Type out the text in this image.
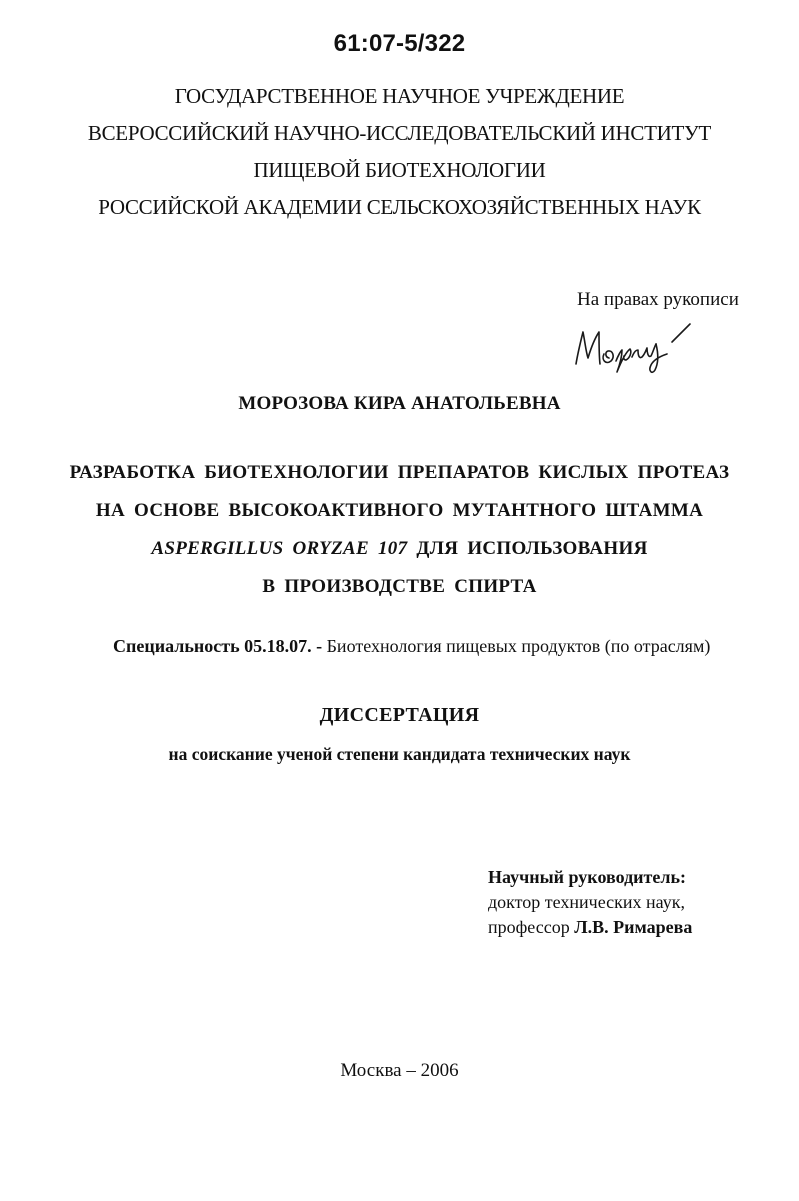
61:07-5/322
ГОСУДАРСТВЕННОЕ НАУЧНОЕ УЧРЕЖДЕНИЕ
ВСЕРОССИЙСКИЙ НАУЧНО-ИССЛЕДОВАТЕЛЬСКИЙ ИНСТИТУТ
ПИЩЕВОЙ БИОТЕХНОЛОГИИ
РОССИЙСКОЙ АКАДЕМИИ СЕЛЬСКОХОЗЯЙСТВЕННЫХ НАУК
На правах рукописи
МОРОЗОВА КИРА АНАТОЛЬЕВНА
РАЗРАБОТКА БИОТЕХНОЛОГИИ ПРЕПАРАТОВ КИСЛЫХ ПРОТЕАЗ
НА ОСНОВЕ ВЫСОКОАКТИВНОГО МУТАНТНОГО ШТАММА
ASPERGILLUS ORYZAE 107 ДЛЯ ИСПОЛЬЗОВАНИЯ
В ПРОИЗВОДСТВЕ СПИРТА
Специальность 05.18.07. - Биотехнология пищевых продуктов (по отраслям)
ДИССЕРТАЦИЯ
на соискание ученой степени кандидата технических наук
Научный руководитель:
доктор технических наук,
профессор Л.В. Римарева
Москва – 2006
